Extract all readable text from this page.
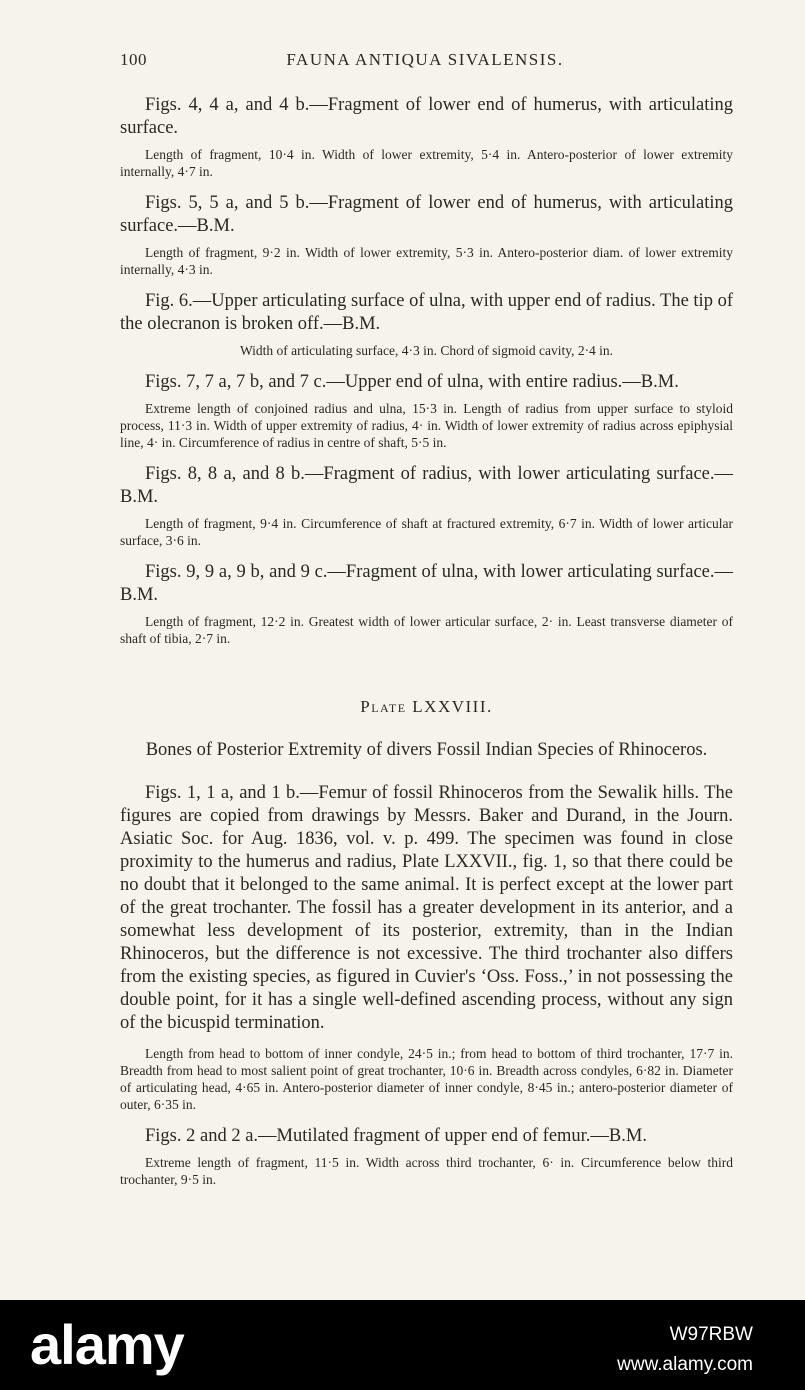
100	FAUNA ANTIQUA SIVALENSIS.

Figs. 4, 4 a, and 4 b.—Fragment of lower end of humerus, with articulating surface.

Length of fragment, 10·4 in. Width of lower extremity, 5·4 in. Antero-posterior of lower extremity internally, 4·7 in.

Figs. 5, 5 a, and 5 b.—Fragment of lower end of humerus, with articulating surface.—B.M.

Length of fragment, 9·2 in. Width of lower extremity, 5·3 in. Antero-posterior diam. of lower extremity internally, 4·3 in.

Fig. 6.—Upper articulating surface of ulna, with upper end of radius. The tip of the olecranon is broken off.—B.M.

Width of articulating surface, 4·3 in. Chord of sigmoid cavity, 2·4 in.

Figs. 7, 7 a, 7 b, and 7 c.—Upper end of ulna, with entire radius.—B.M.

Extreme length of conjoined radius and ulna, 15·3 in. Length of radius from upper surface to styloid process, 11·3 in. Width of upper extremity of radius, 4· in. Width of lower extremity of radius across epiphysial line, 4· in. Circumference of radius in centre of shaft, 5·5 in.

Figs. 8, 8 a, and 8 b.—Fragment of radius, with lower articulating surface.—B.M.

Length of fragment, 9·4 in. Circumference of shaft at fractured extremity, 6·7 in. Width of lower articular surface, 3·6 in.

Figs. 9, 9 a, 9 b, and 9 c.—Fragment of ulna, with lower articulating surface.—B.M.

Length of fragment, 12·2 in. Greatest width of lower articular surface, 2· in. Least transverse diameter of shaft of tibia, 2·7 in.

Plate LXXVIII.

Bones of Posterior Extremity of divers Fossil Indian Species of Rhinoceros.

Figs. 1, 1 a, and 1 b.—Femur of fossil Rhinoceros from the Sewalik hills. The figures are copied from drawings by Messrs. Baker and Durand, in the Journ. Asiatic Soc. for Aug. 1836, vol. v. p. 499. The specimen was found in close proximity to the humerus and radius, Plate LXXVII., fig. 1, so that there could be no doubt that it belonged to the same animal. It is perfect except at the lower part of the great trochanter. The fossil has a greater development in its anterior, and a somewhat less development of its posterior, extremity, than in the Indian Rhinoceros, but the difference is not excessive. The third trochanter also differs from the existing species, as figured in Cuvier's ‘Oss. Foss.,’ in not possessing the double point, for it has a single well-defined ascending process, without any sign of the bicuspid termination.

Length from head to bottom of inner condyle, 24·5 in.; from head to bottom of third trochanter, 17·7 in. Breadth from head to most salient point of great trochanter, 10·6 in. Breadth across condyles, 6·82 in. Diameter of articulating head, 4·65 in. Antero-posterior diameter of inner condyle, 8·45 in.; antero-posterior diameter of outer, 6·35 in.

Figs. 2 and 2 a.—Mutilated fragment of upper end of femur.—B.M.

Extreme length of fragment, 11·5 in. Width across third trochanter, 6· in. Circumference below third trochanter, 9·5 in.

alamy	W97RBW
www.alamy.com
